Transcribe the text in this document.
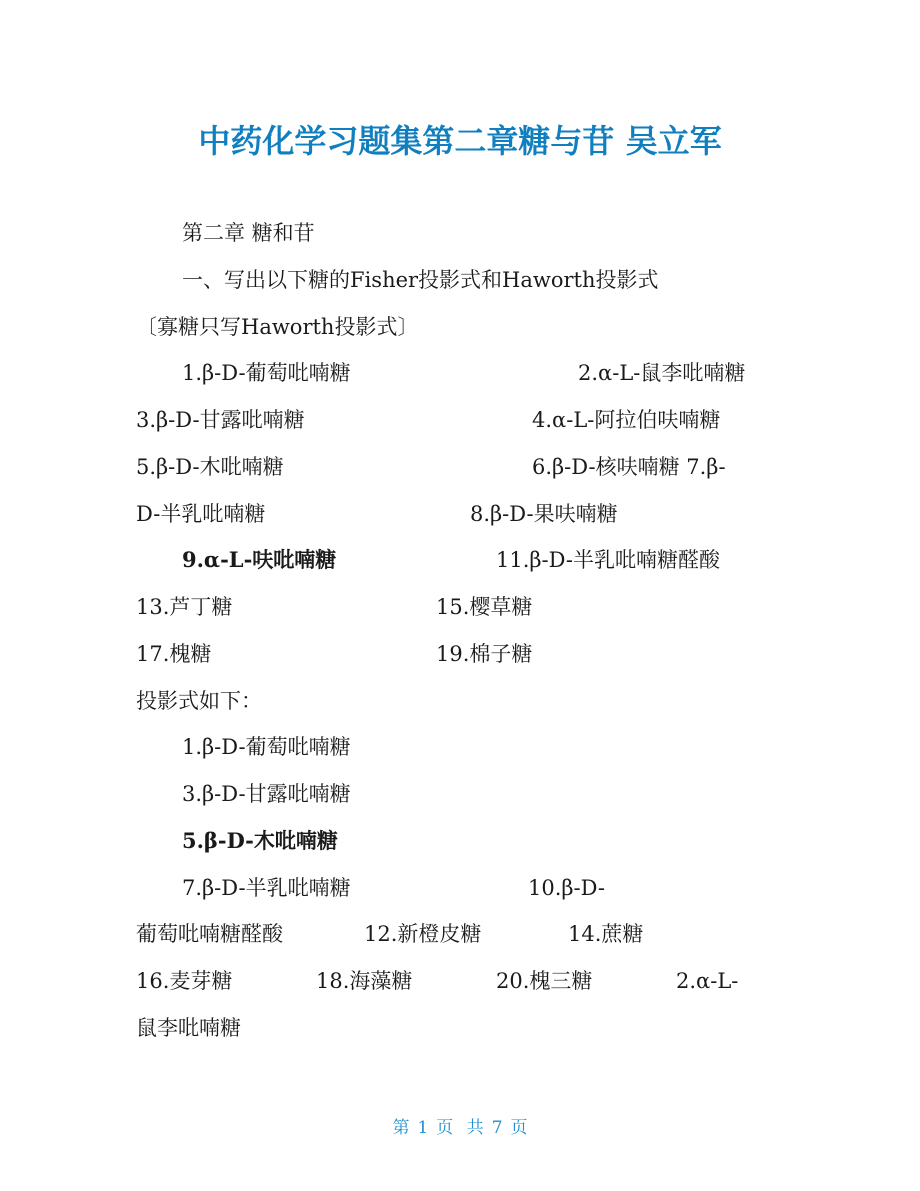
中药化学习题集第二章糖与苷 吴立军
第二章 糖和苷
一、写出以下糖的Fisher投影式和Haworth投影式
〔寡糖只写Haworth投影式〕
1.β-D-葡萄吡喃糖	2.α-L-鼠李吡喃糖
3.β-D-甘露吡喃糖	4.α-L-阿拉伯呋喃糖
5.β-D-木吡喃糖	6.β-D-核呋喃糖 7.β-
D-半乳吡喃糖	8.β-D-果呋喃糖
9.α-L-呋吡喃糖	11.β-D-半乳吡喃糖醛酸
13.芦丁糖	15.樱草糖
17.槐糖	19.棉子糖
投影式如下：
1.β-D-葡萄吡喃糖
3.β-D-甘露吡喃糖
5.β-D-木吡喃糖
7.β-D-半乳吡喃糖	10.β-D-
葡萄吡喃糖醛酸	12.新橙皮糖	14.蔗糖
16.麦芽糖	18.海藻糖	20.槐三糖	2.α-L-
鼠李吡喃糖
第 1 页 共 7 页
